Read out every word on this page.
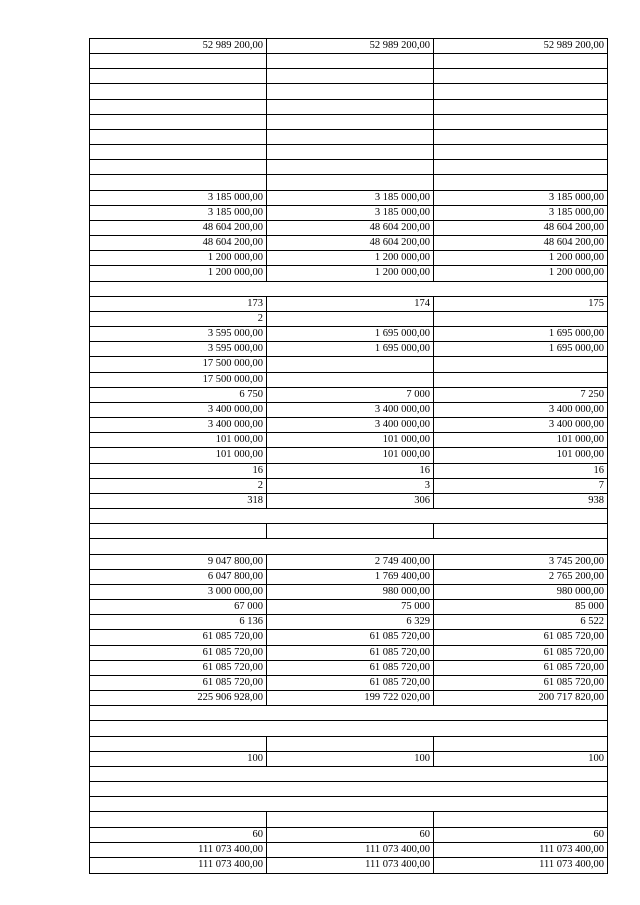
52 989 200,00	52 989 200,00	52 989 200,00
3 185 000,00	3 185 000,00	3 185 000,00
3 185 000,00	3 185 000,00	3 185 000,00
48 604 200,00	48 604 200,00	48 604 200,00
48 604 200,00	48 604 200,00	48 604 200,00
1 200 000,00	1 200 000,00	1 200 000,00
1 200 000,00	1 200 000,00	1 200 000,00
173	174	175
2
3 595 000,00	1 695 000,00	1 695 000,00
3 595 000,00	1 695 000,00	1 695 000,00
17 500 000,00
17 500 000,00
6 750	7 000	7 250
3 400 000,00	3 400 000,00	3 400 000,00
3 400 000,00	3 400 000,00	3 400 000,00
101 000,00	101 000,00	101 000,00
101 000,00	101 000,00	101 000,00
16	16	16
2	3	7
318	306	938
9 047 800,00	2 749 400,00	3 745 200,00
6 047 800,00	1 769 400,00	2 765 200,00
3 000 000,00	980 000,00	980 000,00
67 000	75 000	85 000
6 136	6 329	6 522
61 085 720,00	61 085 720,00	61 085 720,00
61 085 720,00	61 085 720,00	61 085 720,00
61 085 720,00	61 085 720,00	61 085 720,00
61 085 720,00	61 085 720,00	61 085 720,00
225 906 928,00	199 722 020,00	200 717 820,00
100	100	100
60	60	60
111 073 400,00	111 073 400,00	111 073 400,00
111 073 400,00	111 073 400,00	111 073 400,00
